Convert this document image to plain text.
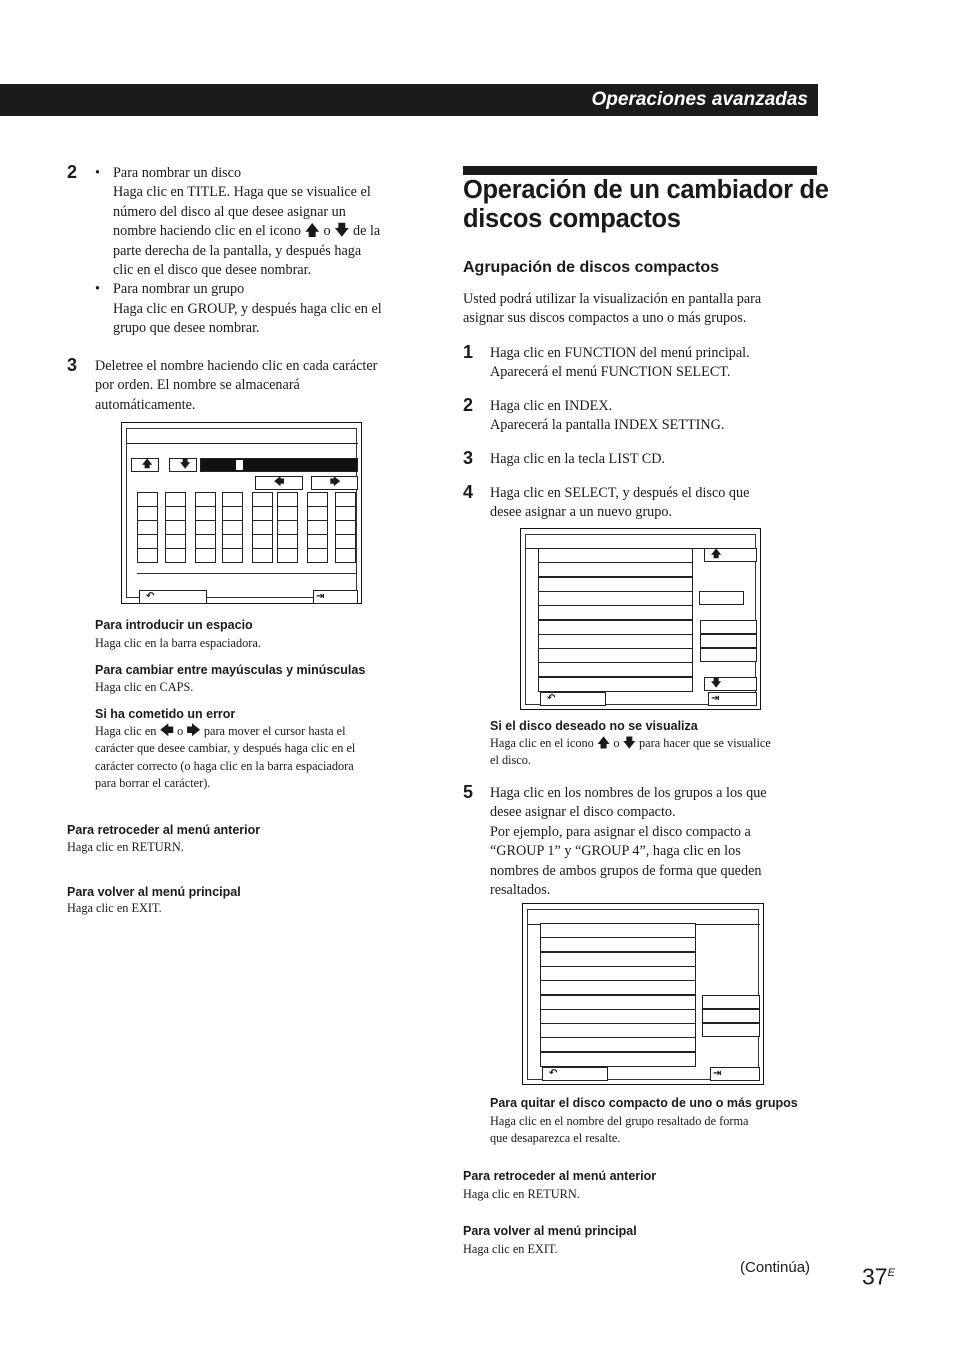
Operaciones avanzadas
2
•	Para nombrar un disco
Haga clic en TITLE. Haga que se visualice el
número del disco al que desee asignar un
nombre haciendo clic en el icono 🡅 o 🡇 de la
parte derecha de la pantalla, y después haga
clic en el disco que desee nombrar.
• Para nombrar un grupo
Haga clic en GROUP, y después haga clic en el
grupo que desee nombrar.
3 Deletree el nombre haciendo clic en cada carácter
por orden. El nombre se almacenará
automáticamente.
🡅	🡇
🡄	🡆
↶	⇥
Para introducir un espacio
Haga clic en la barra espaciadora.
Para cambiar entre mayúsculas y minúsculas
Haga clic en CAPS.
Si ha cometido un error
Haga clic en 🡄 o 🡆 para mover el cursor hasta el
carácter que desee cambiar, y después haga clic en el
carácter correcto (o haga clic en la barra espaciadora
para borrar el carácter).
Para retroceder al menú anterior
Haga clic en RETURN.
Para volver al menú principal
Haga clic en EXIT.
Operación de un cambiador de
discos compactos
Agrupación de discos compactos
Usted podrá utilizar la visualización en pantalla para
asignar sus discos compactos a uno o más grupos.
1 Haga clic en FUNCTION del menú principal.
Aparecerá el menú FUNCTION SELECT.
2 Haga clic en INDEX.
Aparecerá la pantalla INDEX SETTING.
3 Haga clic en la tecla LIST CD.
4 Haga clic en SELECT, y después el disco que
desee asignar a un nuevo grupo.
🡅
🡇
↶	⇥
Si el disco deseado no se visualiza
Haga clic en el icono 🡅 o 🡇 para hacer que se visualice
el disco.
5 Haga clic en los nombres de los grupos a los que
desee asignar el disco compacto.
Por ejemplo, para asignar el disco compacto a
“GROUP 1” y “GROUP 4”, haga clic en los
nombres de ambos grupos de forma que queden
resaltados.
↶	⇥
Para quitar el disco compacto de uno o más grupos
Haga clic en el nombre del grupo resaltado de forma
que desaparezca el resalte.
Para retroceder al menú anterior
Haga clic en RETURN.
Para volver al menú principal
Haga clic en EXIT.
(Continúa) $37^E$
